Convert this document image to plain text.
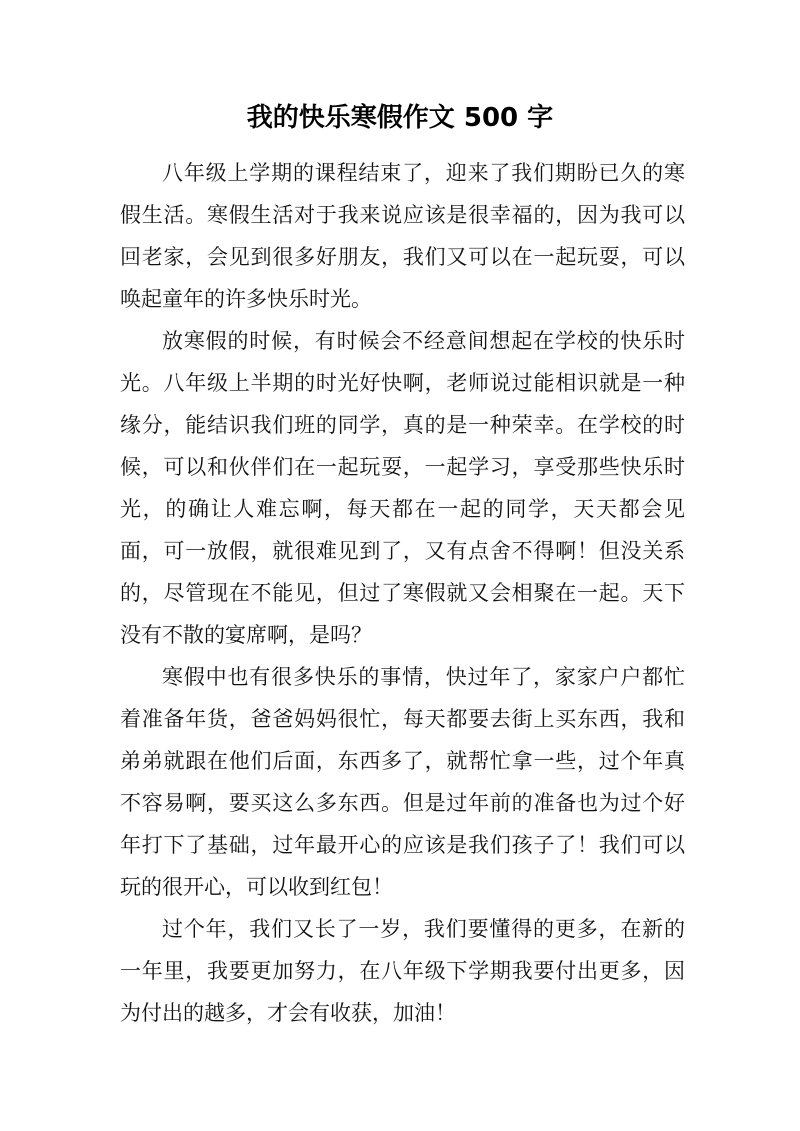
我的快乐寒假作文 500 字

八年级上学期的课程结束了，迎来了我们期盼已久的寒假生活。寒假生活对于我来说应该是很幸福的，因为我可以回老家，会见到很多好朋友，我们又可以在一起玩耍，可以唤起童年的许多快乐时光。

放寒假的时候，有时候会不经意间想起在学校的快乐时光。八年级上半期的时光好快啊，老师说过能相识就是一种缘分，能结识我们班的同学，真的是一种荣幸。在学校的时候，可以和伙伴们在一起玩耍，一起学习，享受那些快乐时光，的确让人难忘啊，每天都在一起的同学，天天都会见面，可一放假，就很难见到了，又有点舍不得啊！但没关系的，尽管现在不能见，但过了寒假就又会相聚在一起。天下没有不散的宴席啊，是吗？

寒假中也有很多快乐的事情，快过年了，家家户户都忙着准备年货，爸爸妈妈很忙，每天都要去街上买东西，我和弟弟就跟在他们后面，东西多了，就帮忙拿一些，过个年真不容易啊，要买这么多东西。但是过年前的准备也为过个好年打下了基础，过年最开心的应该是我们孩子了！我们可以玩的很开心，可以收到红包！

过个年，我们又长了一岁，我们要懂得的更多，在新的一年里，我要更加努力，在八年级下学期我要付出更多，因为付出的越多，才会有收获，加油！
